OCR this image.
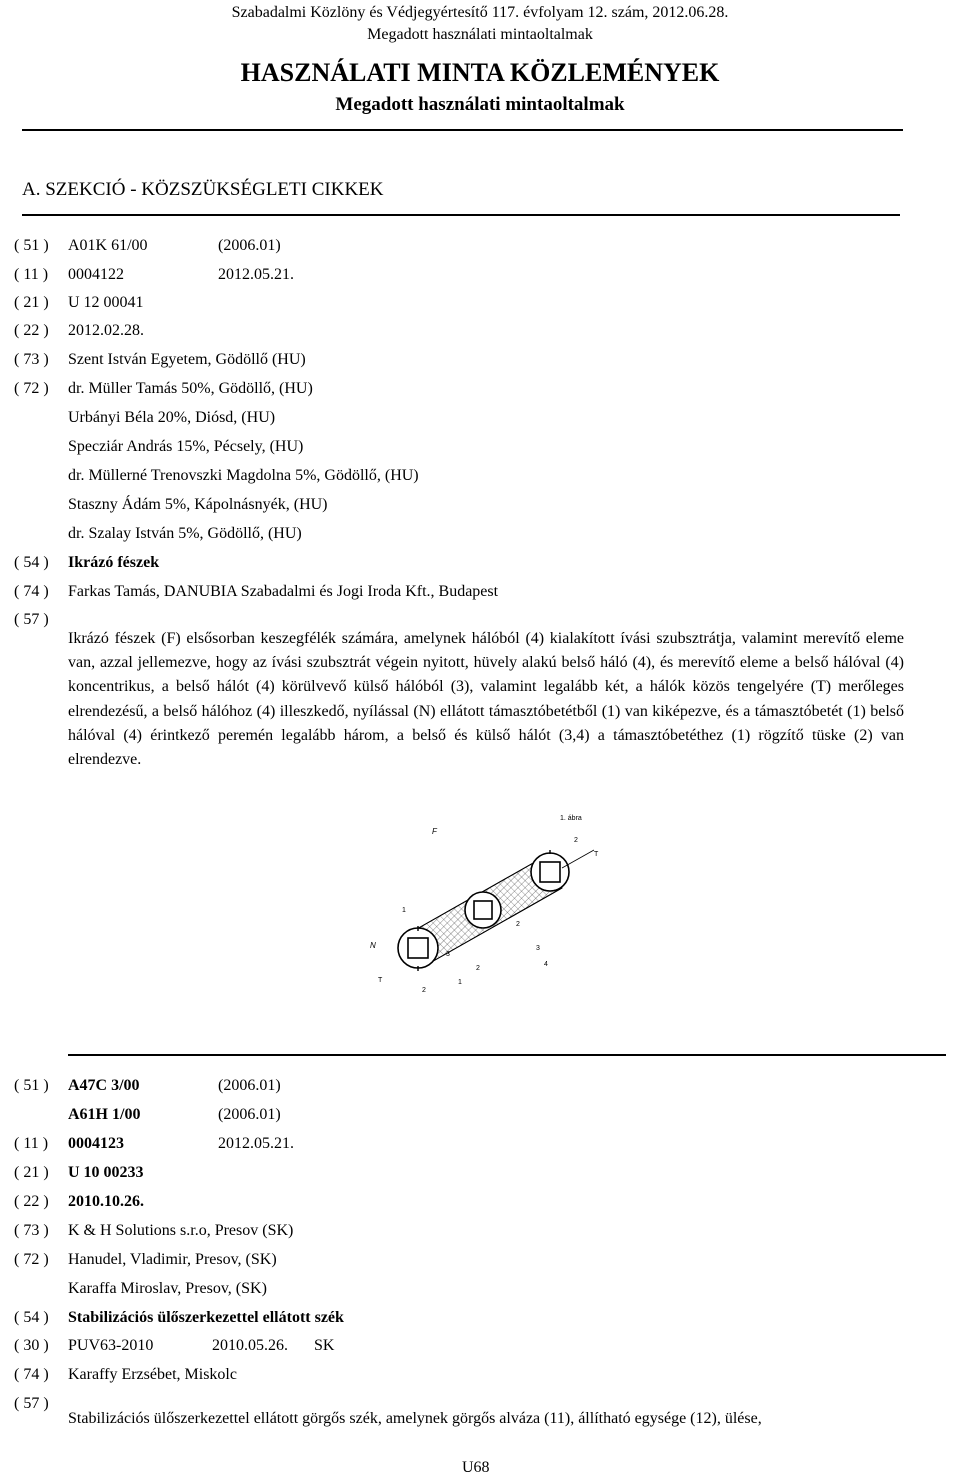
Szabadalmi Közlöny és Védjegyértesítő 117. évfolyam 12. szám, 2012.06.28.
Megadott használati mintaoltalmak
HASZNÁLATI MINTA KÖZLEMÉNYEK
Megadott használati mintaoltalmak
A. SZEKCIÓ - KÖZSZÜKSÉGLETI CIKKEK
( 51 )	A01K 61/00	(2006.01)
( 11 )	0004122	2012.05.21.
( 21 )	U 12 00041
( 22 )	2012.02.28.
( 73 )	Szent István Egyetem, Gödöllő (HU)
( 72 )	dr. Müller Tamás 50%, Gödöllő, (HU)
Urbányi Béla 20%, Diósd, (HU)
Specziár András 15%, Pécsely, (HU)
dr. Müllerné Trenovszki Magdolna 5%, Gödöllő, (HU)
Staszny Ádám 5%, Kápolnásnyék, (HU)
dr. Szalay István 5%, Gödöllő, (HU)
( 54 )	Ikrázó fészek
( 74 )	Farkas Tamás, DANUBIA Szabadalmi és Jogi Iroda Kft., Budapest
( 57 )
Ikrázó fészek (F) elsősorban keszegfélék számára, amelynek hálóból (4) kialakított ívási szubsztrátja, valamint merevítő eleme van, azzal jellemezve, hogy az ívási szubsztrát végein nyitott, hüvely alakú belső háló (4), és merevítő eleme a belső hálóval (4) koncentrikus, a belső hálót (4) körülvevő külső hálóból (3), valamint legalább két, a hálók közös tengelyére (T) merőleges elrendezésű, a belső hálóhoz (4) illeszkedő, nyílással (N) ellátott támasztóbetétből (1) van kiképezve, és a támasztóbetét (1) belső hálóval (4) érintkező peremén legalább három, a belső és külső hálót (3,4) a támasztóbetéthez (1) rögzítő tüske (2) van elrendezve.
1. ábra
F
2
T
1
2
3
4
N
3
2
1
T
2
( 51 )	A47C 3/00	(2006.01)
A61H 1/00	(2006.01)
( 11 )	0004123	2012.05.21.
( 21 )	U 10 00233
( 22 )	2010.10.26.
( 73 )	K & H Solutions s.r.o, Presov (SK)
( 72 )	Hanudel, Vladimir, Presov, (SK)
Karaffa Miroslav, Presov, (SK)
( 54 )	Stabilizációs ülőszerkezettel ellátott szék
( 30 )	PUV63-2010	2010.05.26. SK
( 74 )	Karaffy Erzsébet, Miskolc
( 57 )
Stabilizációs ülőszerkezettel ellátott görgős szék, amelynek görgős alváza (11), állítható egysége (12), ülése,
U68
